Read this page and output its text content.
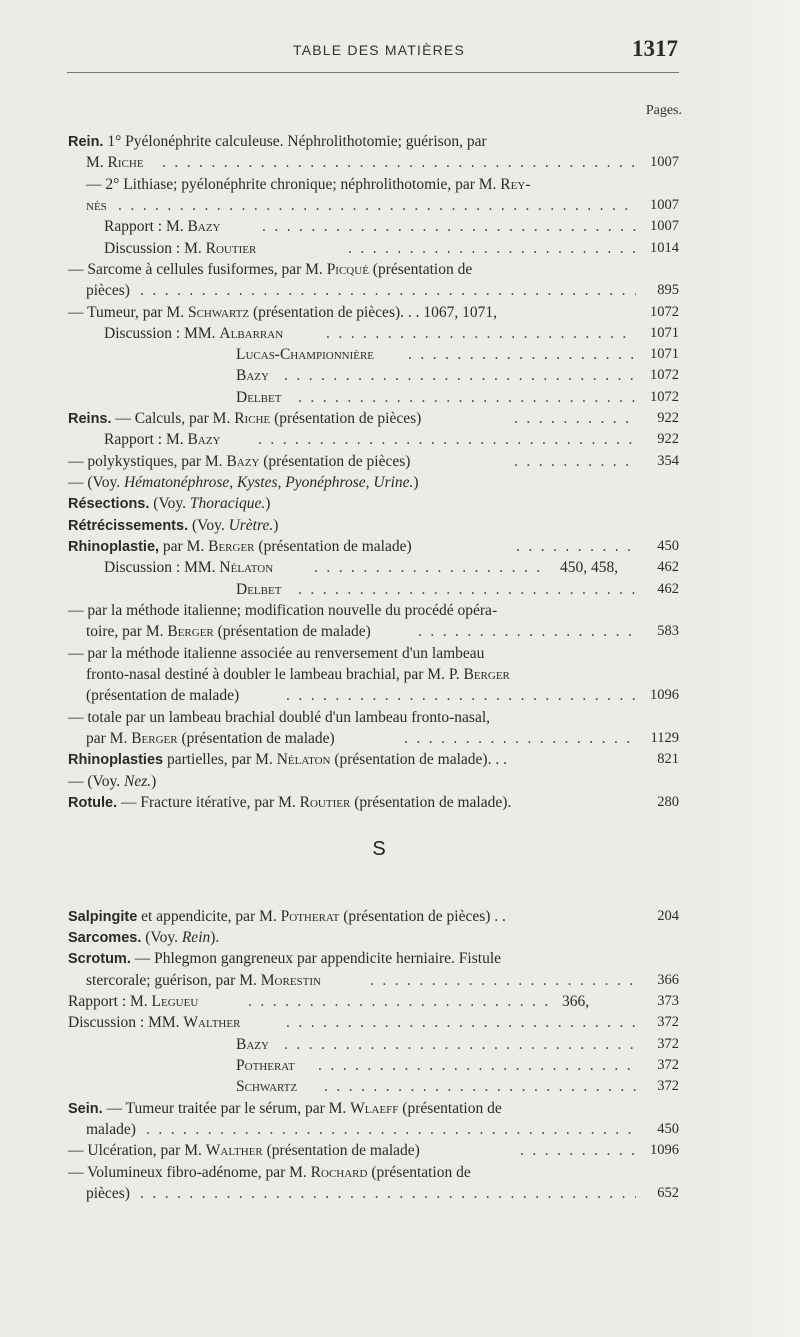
TABLE DES MATIÈRES	1317
Pages.
Rein. 1° Pyélonéphrite calculeuse. Néphrolithotomie; guérison, par
M. Riche . . .	1007
— 2° Lithiase; pyélonéphrite chronique; néphrolithotomie, par M. Rey-
nès . . .	1007
Rapport : M. Bazy . . .	1007
Discussion : M. Routier . . .	1014
— Sarcome à cellules fusiformes, par M. Picqué (présentation de
pièces) . . .	895
— Tumeur, par M. Schwartz (présentation de pièces). . . 1067, 1071,	1072
Discussion : MM. Albarran . . .	1071
Lucas-Championnière . . .	1071
Bazy . . .	1072
Delbet . . .	1072
Reins. — Calculs, par M. Riche (présentation de pièces) . . .	922
Rapport : M. Bazy . . .	922
— polykystiques, par M. Bazy (présentation de pièces) . . .	354
— (Voy. Hématonéphrose, Kystes, Pyonéphrose, Urine.)
Résections. (Voy. Thoracique.)
Rétrécissements. (Voy. Urètre.)
Rhinoplastie, par M. Berger (présentation de malade) . . .	450
Discussion : MM. Nélaton . . .	450, 458,	462
Delbet . . .	462
— par la méthode italienne; modification nouvelle du procédé opéra-
toire, par M. Berger (présentation de malade) . . .	583
— par la méthode italienne associée au renversement d'un lambeau
fronto-nasal destiné à doubler le lambeau brachial, par M. P. Berger
(présentation de malade) . . .	1096
— totale par un lambeau brachial doublé d'un lambeau fronto-nasal,
par M. Berger (présentation de malade) . . .	1129
Rhinoplasties partielles, par M. Nélaton (présentation de malade). . .	821
— (Voy. Nez.)
Rotule. — Fracture itérative, par M. Routier (présentation de malade).	280
S
Salpingite et appendicite, par M. Potherat (présentation de pièces) . .	204
Sarcomes. (Voy. Rein).
Scrotum. — Phlegmon gangreneux par appendicite herniaire. Fistule
stercorale; guérison, par M. Morestin . . .	366
Rapport : M. Legueu . . .	366,	373
Discussion : MM. Walther . . .	372
Bazy . . .	372
Potherat . . .	372
Schwartz . . .	372
Sein. — Tumeur traitée par le sérum, par M. Wlaeff (présentation de
malade) . . .	450
— Ulcération, par M. Walther (présentation de malade) . . .	1096
— Volumineux fibro-adénome, par M. Rochard (présentation de
pièces) . . .	652
